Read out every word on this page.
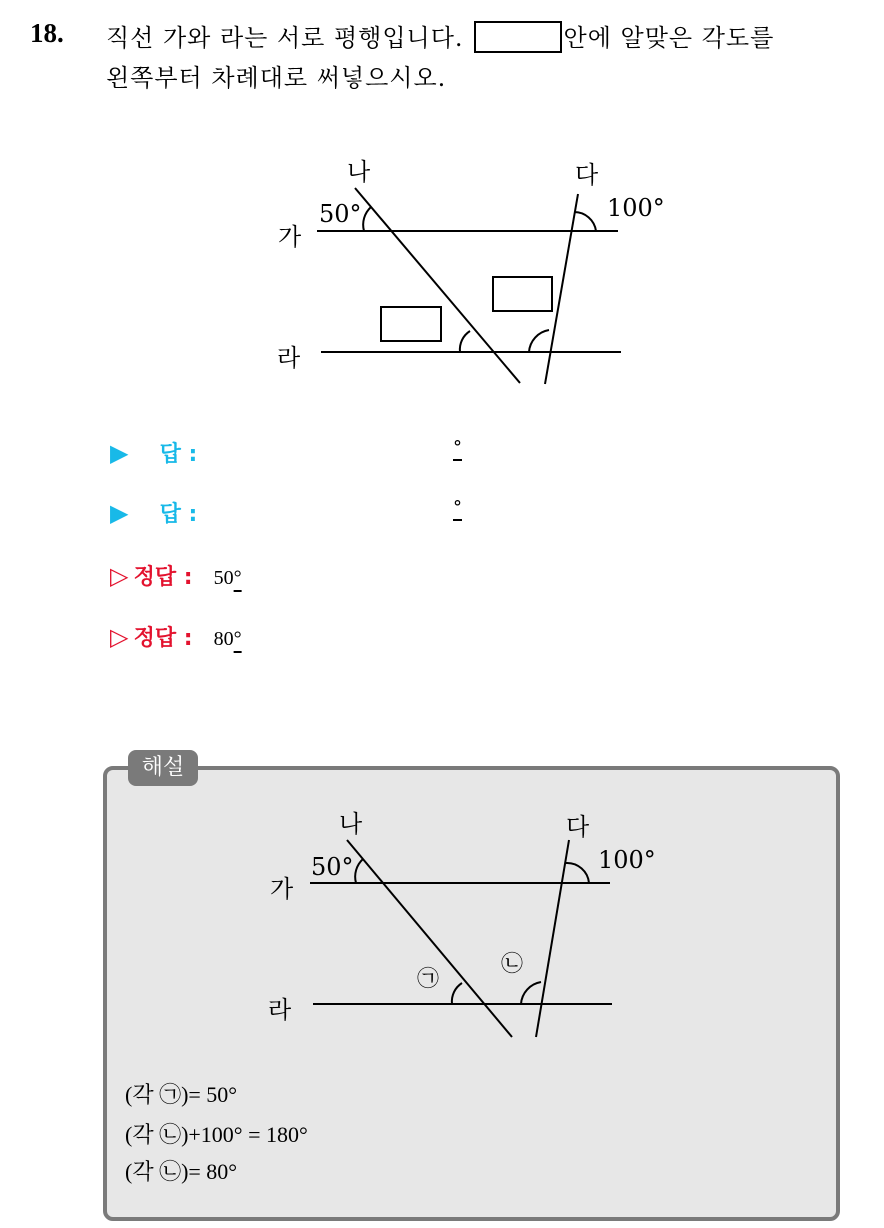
18. 직선 가와 라는 서로 평행입니다.	안에 알맞은 각도를
왼쪽부터 차례대로 써넣으시오.
가
라
나	다
50°	100°
▶ 답 :	°
▶ 답 :	°
▷ 정답 : 50°
▷ 정답 : 80°
해설
가
라
나	다
50°	100°
㉠
㉡
(각 ㉠)= 50°
(각 ㉡)+100° = 180°
(각 ㉡)= 80°
